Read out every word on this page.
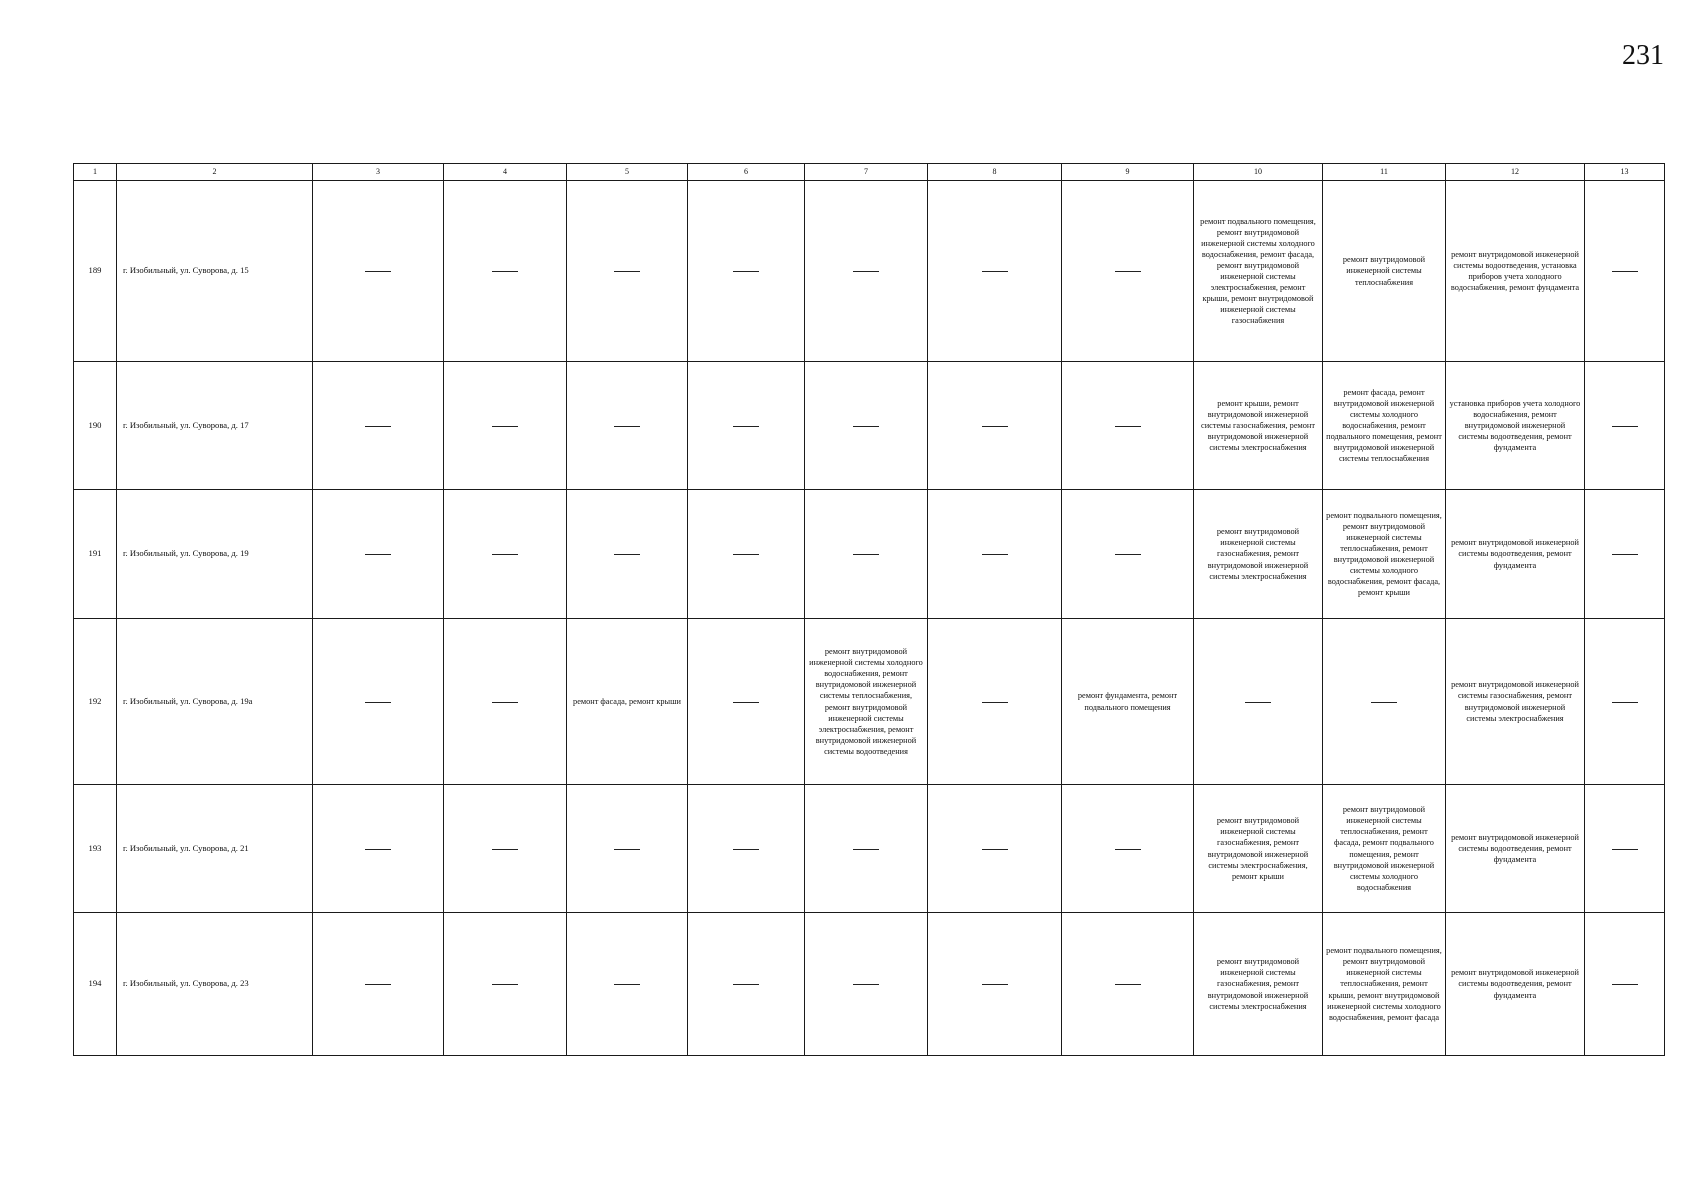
231
1	2	3	4	5	6	7	8	9	10	11	12	13
189	г. Изобильный, ул. Суворова, д. 15								ремонт подвального помещения, ремонт внутридомовой инженерной системы холодного водоснабжения, ремонт фасада, ремонт внутридомовой инженерной системы электроснабжения, ремонт крыши, ремонт внутридомовой инженерной системы газоснабжения	ремонт внутридомовой инженерной системы теплоснабжения	ремонт внутридомовой инженерной системы водоотведения, установка приборов учета холодного водоснабжения, ремонт фундамента	
190	г. Изобильный, ул. Суворова, д. 17								ремонт крыши, ремонт внутридомовой инженерной системы газоснабжения, ремонт внутридомовой инженерной системы электроснабжения	ремонт фасада, ремонт внутридомовой инженерной системы холодного водоснабжения, ремонт подвального помещения, ремонт внутридомовой инженерной системы теплоснабжения	установка приборов учета холодного водоснабжения, ремонт внутридомовой инженерной системы водоотведения, ремонт фундамента	
191	г. Изобильный, ул. Суворова, д. 19								ремонт внутридомовой инженерной системы газоснабжения, ремонт внутридомовой инженерной системы электроснабжения	ремонт подвального помещения, ремонт внутридомовой инженерной системы теплоснабжения, ремонт внутридомовой инженерной системы холодного водоснабжения, ремонт фасада, ремонт крыши	ремонт внутридомовой инженерной системы водоотведения, ремонт фундамента	
192	г. Изобильный, ул. Суворова, д. 19а			ремонт фасада, ремонт крыши		ремонт внутридомовой инженерной системы холодного водоснабжения, ремонт внутридомовой инженерной системы теплоснабжения, ремонт внутридомовой инженерной системы электроснабжения, ремонт внутридомовой инженерной системы водоотведения		ремонт фундамента, ремонт подвального помещения			ремонт внутридомовой инженерной системы газоснабжения, ремонт внутридомовой инженерной системы электроснабжения	
193	г. Изобильный, ул. Суворова, д. 21								ремонт внутридомовой инженерной системы газоснабжения, ремонт внутридомовой инженерной системы электроснабжения, ремонт крыши	ремонт внутридомовой инженерной системы теплоснабжения, ремонт фасада, ремонт подвального помещения, ремонт внутридомовой инженерной системы холодного водоснабжения	ремонт внутридомовой инженерной системы водоотведения, ремонт фундамента	
194	г. Изобильный, ул. Суворова, д. 23								ремонт внутридомовой инженерной системы газоснабжения, ремонт внутридомовой инженерной системы электроснабжения	ремонт подвального помещения, ремонт внутридомовой инженерной системы теплоснабжения, ремонт крыши, ремонт внутридомовой инженерной системы холодного водоснабжения, ремонт фасада	ремонт внутридомовой инженерной системы водоотведения, ремонт фундамента	
